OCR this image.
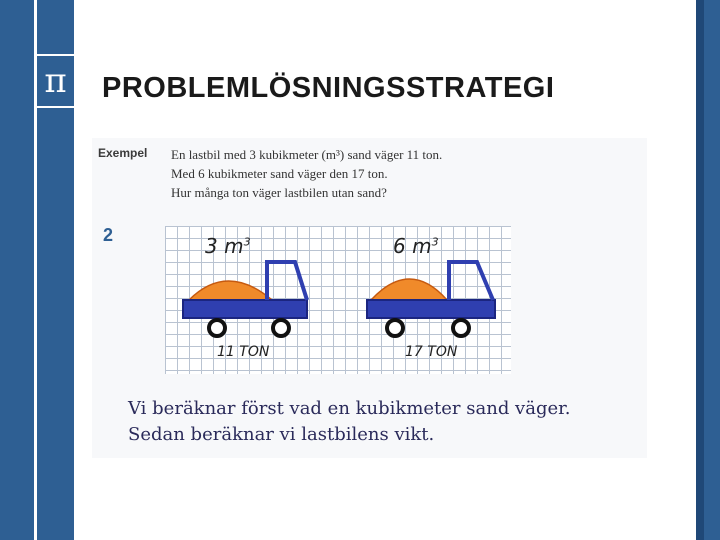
π PROBLEMLÖSNINGSSTRATEGI
Exempel En lastbil med 3 kubikmeter (m³) sand väger 11 ton.
Med 6 kubikmeter sand väger den 17 ton.
Hur många ton väger lastbilen utan sand?
2	3 $m^3$
11 TON
6 $m^3$
17 TON
Vi beräknar först vad en kubikmeter sand väger.
Sedan beräknar vi lastbilens vikt.
